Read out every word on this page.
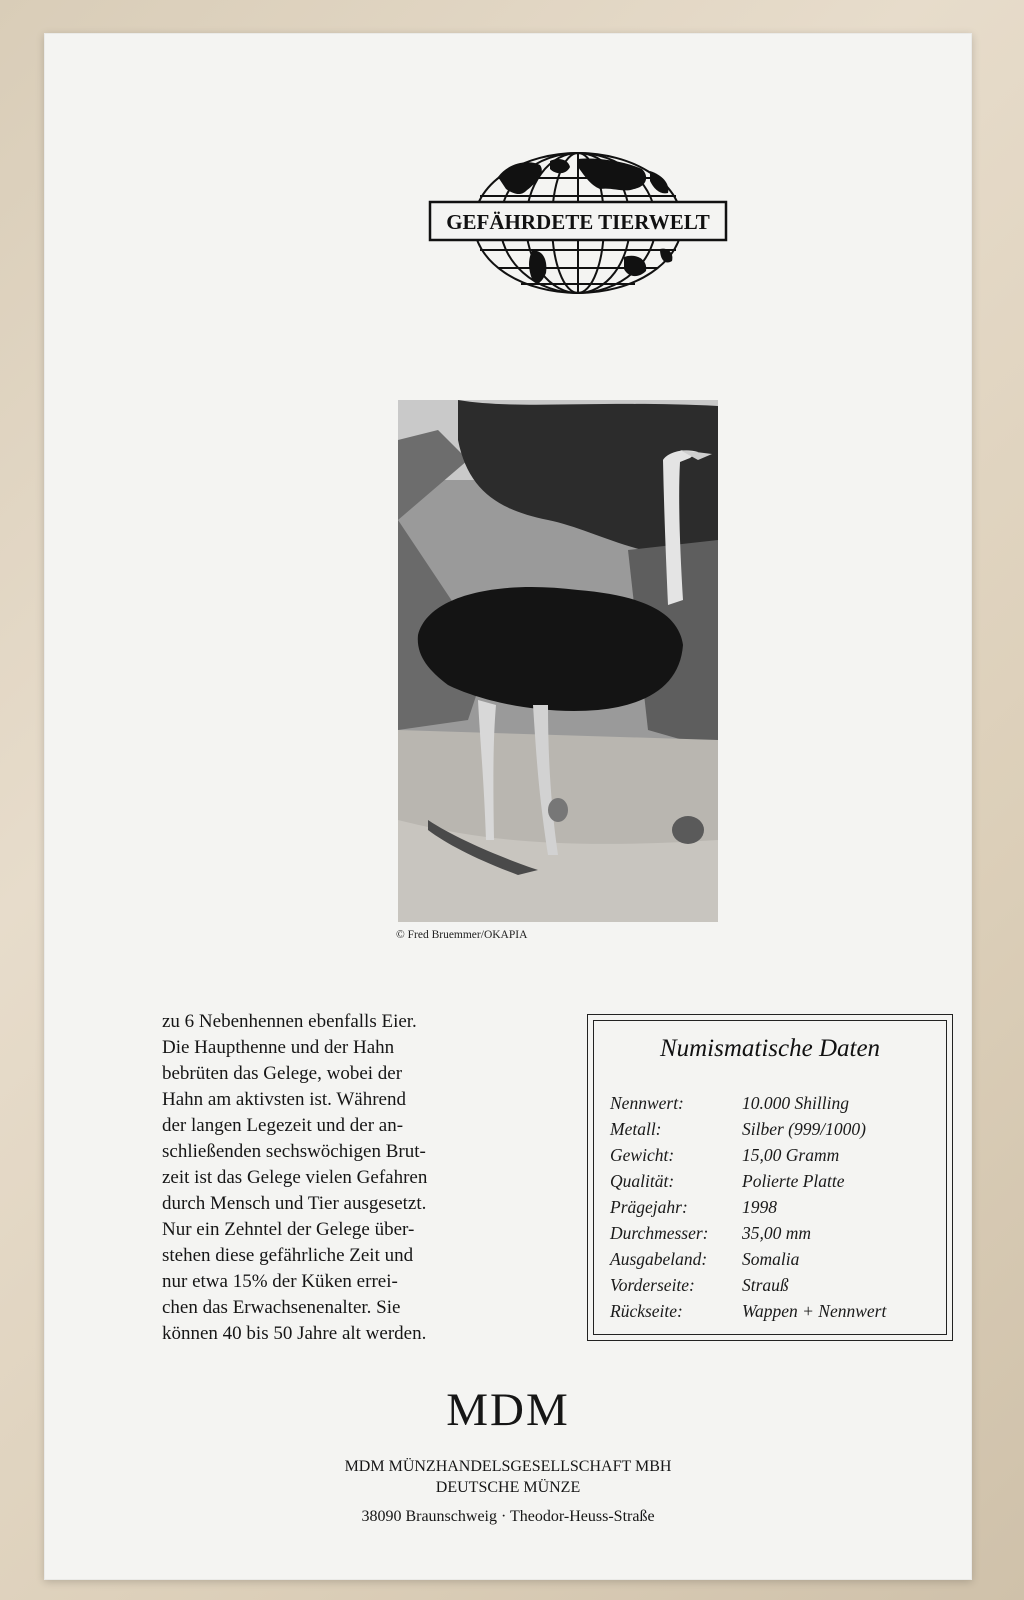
GEFÄHRDETE TIERWELT
© Fred Bruemmer/OKAPIA
zu 6 Nebenhennen ebenfalls Eier.
Die Haupthenne und der Hahn
bebrüten das Gelege, wobei der
Hahn am aktivsten ist. Während
der langen Legezeit und der an-
schließenden sechswöchigen Brut-
zeit ist das Gelege vielen Gefahren
durch Mensch und Tier ausgesetzt.
Nur ein Zehntel der Gelege über-
stehen diese gefährliche Zeit und
nur etwa 15% der Küken errei-
chen das Erwachsenenalter. Sie
können 40 bis 50 Jahre alt werden.
Numismatische Daten
Nennwert:	10.000 Shilling
Metall:	Silber (999/1000)
Gewicht:	15,00 Gramm
Qualität:	Polierte Platte
Prägejahr:	1998
Durchmesser: 35,00 mm
Ausgabeland: Somalia
Vorderseite:	Strauß
Rückseite:	Wappen + Nennwert
MDM
MDM MÜNZHANDELSGESELLSCHAFT MBH
DEUTSCHE MÜNZE
38090 Braunschweig · Theodor-Heuss-Straße
